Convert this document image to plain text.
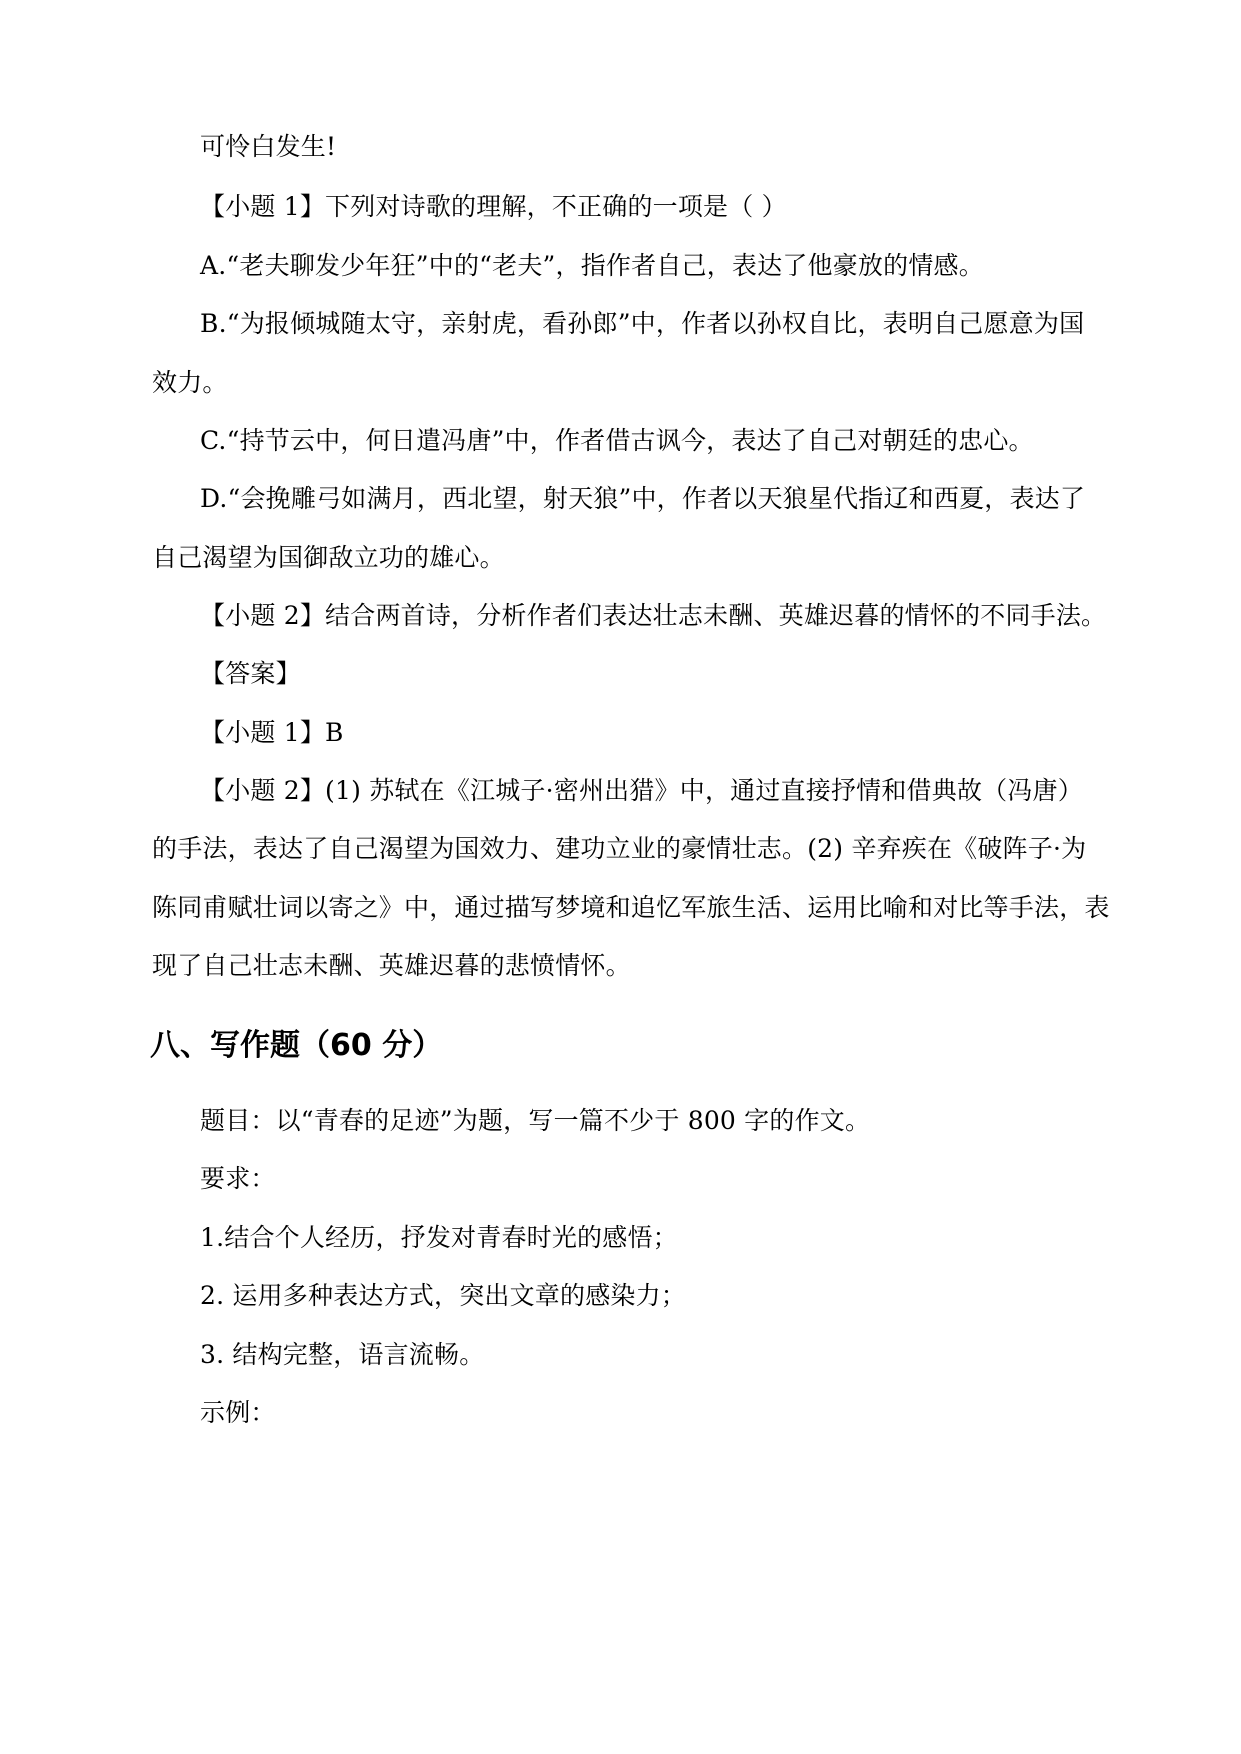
可怜白发生!
【小题 1】下列对诗歌的理解，不正确的一项是（ ）
A.“老夫聊发少年狂”中的“老夫”，指作者自己，表达了他豪放的情感。
B.“为报倾城随太守，亲射虎，看孙郎”中，作者以孙权自比，表明自己愿意为国
效力。
C.“持节云中，何日遣冯唐”中，作者借古讽今，表达了自己对朝廷的忠心。
D.“会挽雕弓如满月，西北望，射天狼”中，作者以天狼星代指辽和西夏，表达了
自己渴望为国御敌立功的雄心。
【小题 2】结合两首诗，分析作者们表达壮志未酬、英雄迟暮的情怀的不同手法。
【答案】
【小题 1】B
【小题 2】(1) 苏轼在《江城子·密州出猎》中，通过直接抒情和借典故（冯唐）
的手法，表达了自己渴望为国效力、建功立业的豪情壮志。(2) 辛弃疾在《破阵子·为
陈同甫赋壮词以寄之》中，通过描写梦境和追忆军旅生活、运用比喻和对比等手法，表
现了自己壮志未酬、英雄迟暮的悲愤情怀。
八、写作题（60 分）
题目：以“青春的足迹”为题，写一篇不少于 800 字的作文。
要求：
1.结合个人经历，抒发对青春时光的感悟；
2. 运用多种表达方式，突出文章的感染力；
3. 结构完整，语言流畅。
示例：
